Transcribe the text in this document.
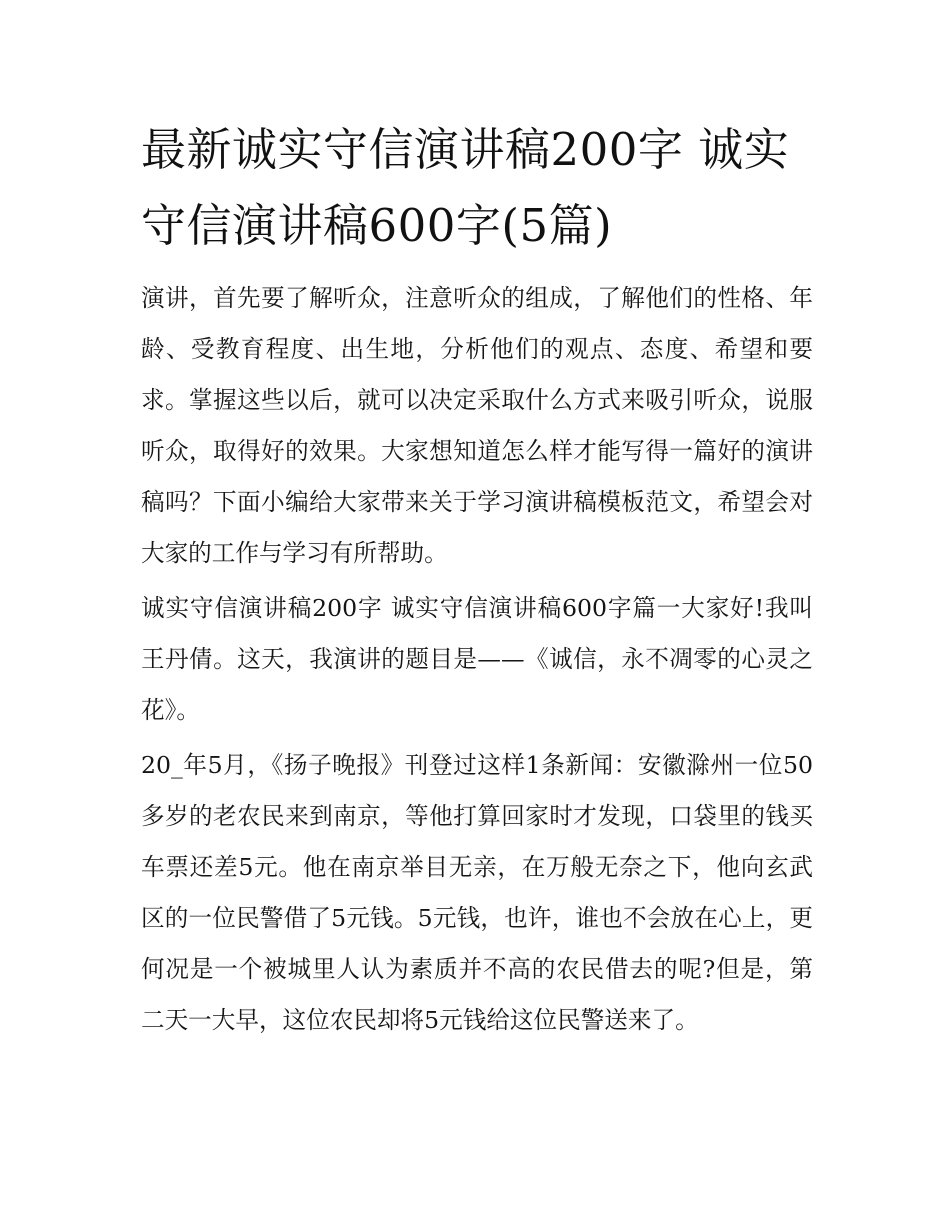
最新诚实守信演讲稿200字 诚实守信演讲稿600字(5篇)

演讲，首先要了解听众，注意听众的组成，了解他们的性格、年龄、受教育程度、出生地，分析他们的观点、态度、希望和要求。掌握这些以后，就可以决定采取什么方式来吸引听众，说服听众，取得好的效果。大家想知道怎么样才能写得一篇好的演讲稿吗？下面小编给大家带来关于学习演讲稿模板范文，希望会对大家的工作与学习有所帮助。

诚实守信演讲稿200字 诚实守信演讲稿600字篇一大家好!我叫王丹倩。这天，我演讲的题目是——《诚信，永不凋零的心灵之花》。

20_年5月，《扬子晚报》刊登过这样1条新闻：安徽滁州一位50多岁的老农民来到南京，等他打算回家时才发现，口袋里的钱买车票还差5元。他在南京举目无亲，在万般无奈之下，他向玄武区的一位民警借了5元钱。5元钱，也许，谁也不会放在心上，更何况是一个被城里人认为素质并不高的农民借去的呢?但是，第二天一大早，这位农民却将5元钱给这位民警送来了。
